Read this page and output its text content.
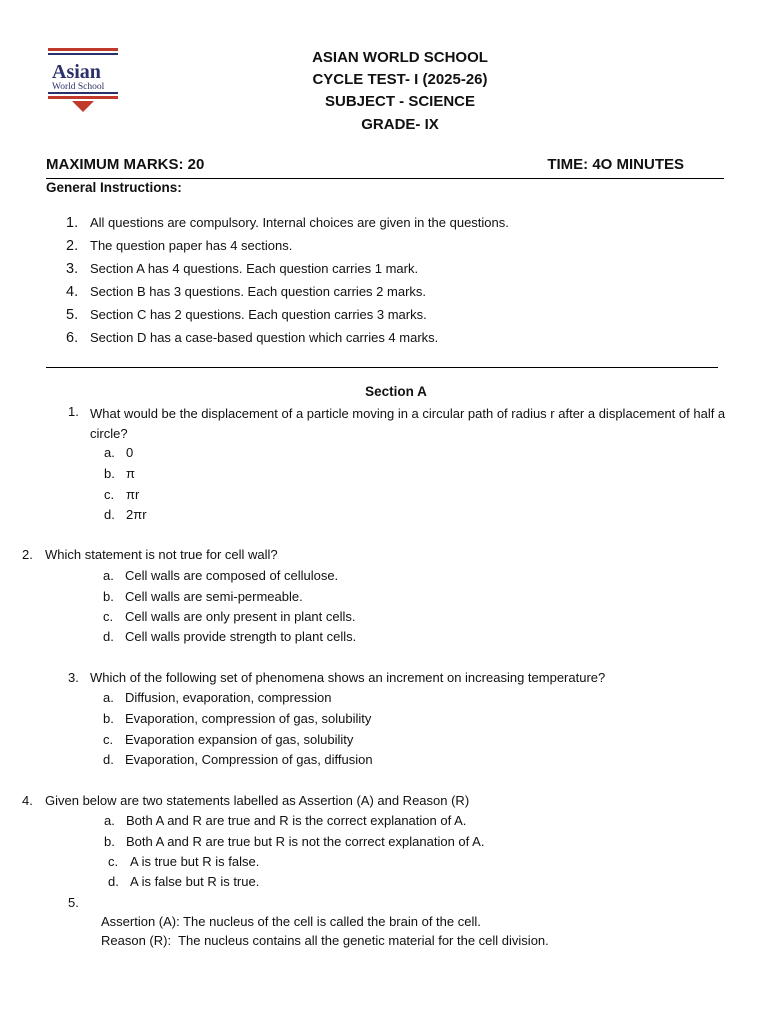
Asian
World School
ASIAN WORLD SCHOOL
CYCLE TEST- I (2025-26)
SUBJECT - SCIENCE
GRADE- IX
MAXIMUM MARKS: 20	TIME: 4O MINUTES
General Instructions:
1. All questions are compulsory. Internal choices are given in the questions.
2. The question paper has 4 sections.
3. Section A has 4 questions. Each question carries 1 mark.
4. Section B has 3 questions. Each question carries 2 marks.
5. Section C has 2 questions. Each question carries 3 marks.
6. Section D has a case-based question which carries 4 marks.
Section A
1. What would be the displacement of a particle moving in a circular path of radius r after a displacement of half a circle?
a. 0
b. π
c. πr
d. 2πr
2. Which statement is not true for cell wall?
a. Cell walls are composed of cellulose.
b. Cell walls are semi-permeable.
c. Cell walls are only present in plant cells.
d. Cell walls provide strength to plant cells.
3. Which of the following set of phenomena shows an increment on increasing temperature?
a. Diffusion, evaporation, compression
b. Evaporation, compression of gas, solubility
c. Evaporation expansion of gas, solubility
d. Evaporation, Compression of gas, diffusion
4. Given below are two statements labelled as Assertion (A) and Reason (R)
a. Both A and R are true and R is the correct explanation of A.
b. Both A and R are true but R is not the correct explanation of A.
c. A is true but R is false.
d. A is false but R is true.
5.
Assertion (A): The nucleus of the cell is called the brain of the cell.
Reason (R):  The nucleus contains all the genetic material for the cell division.
